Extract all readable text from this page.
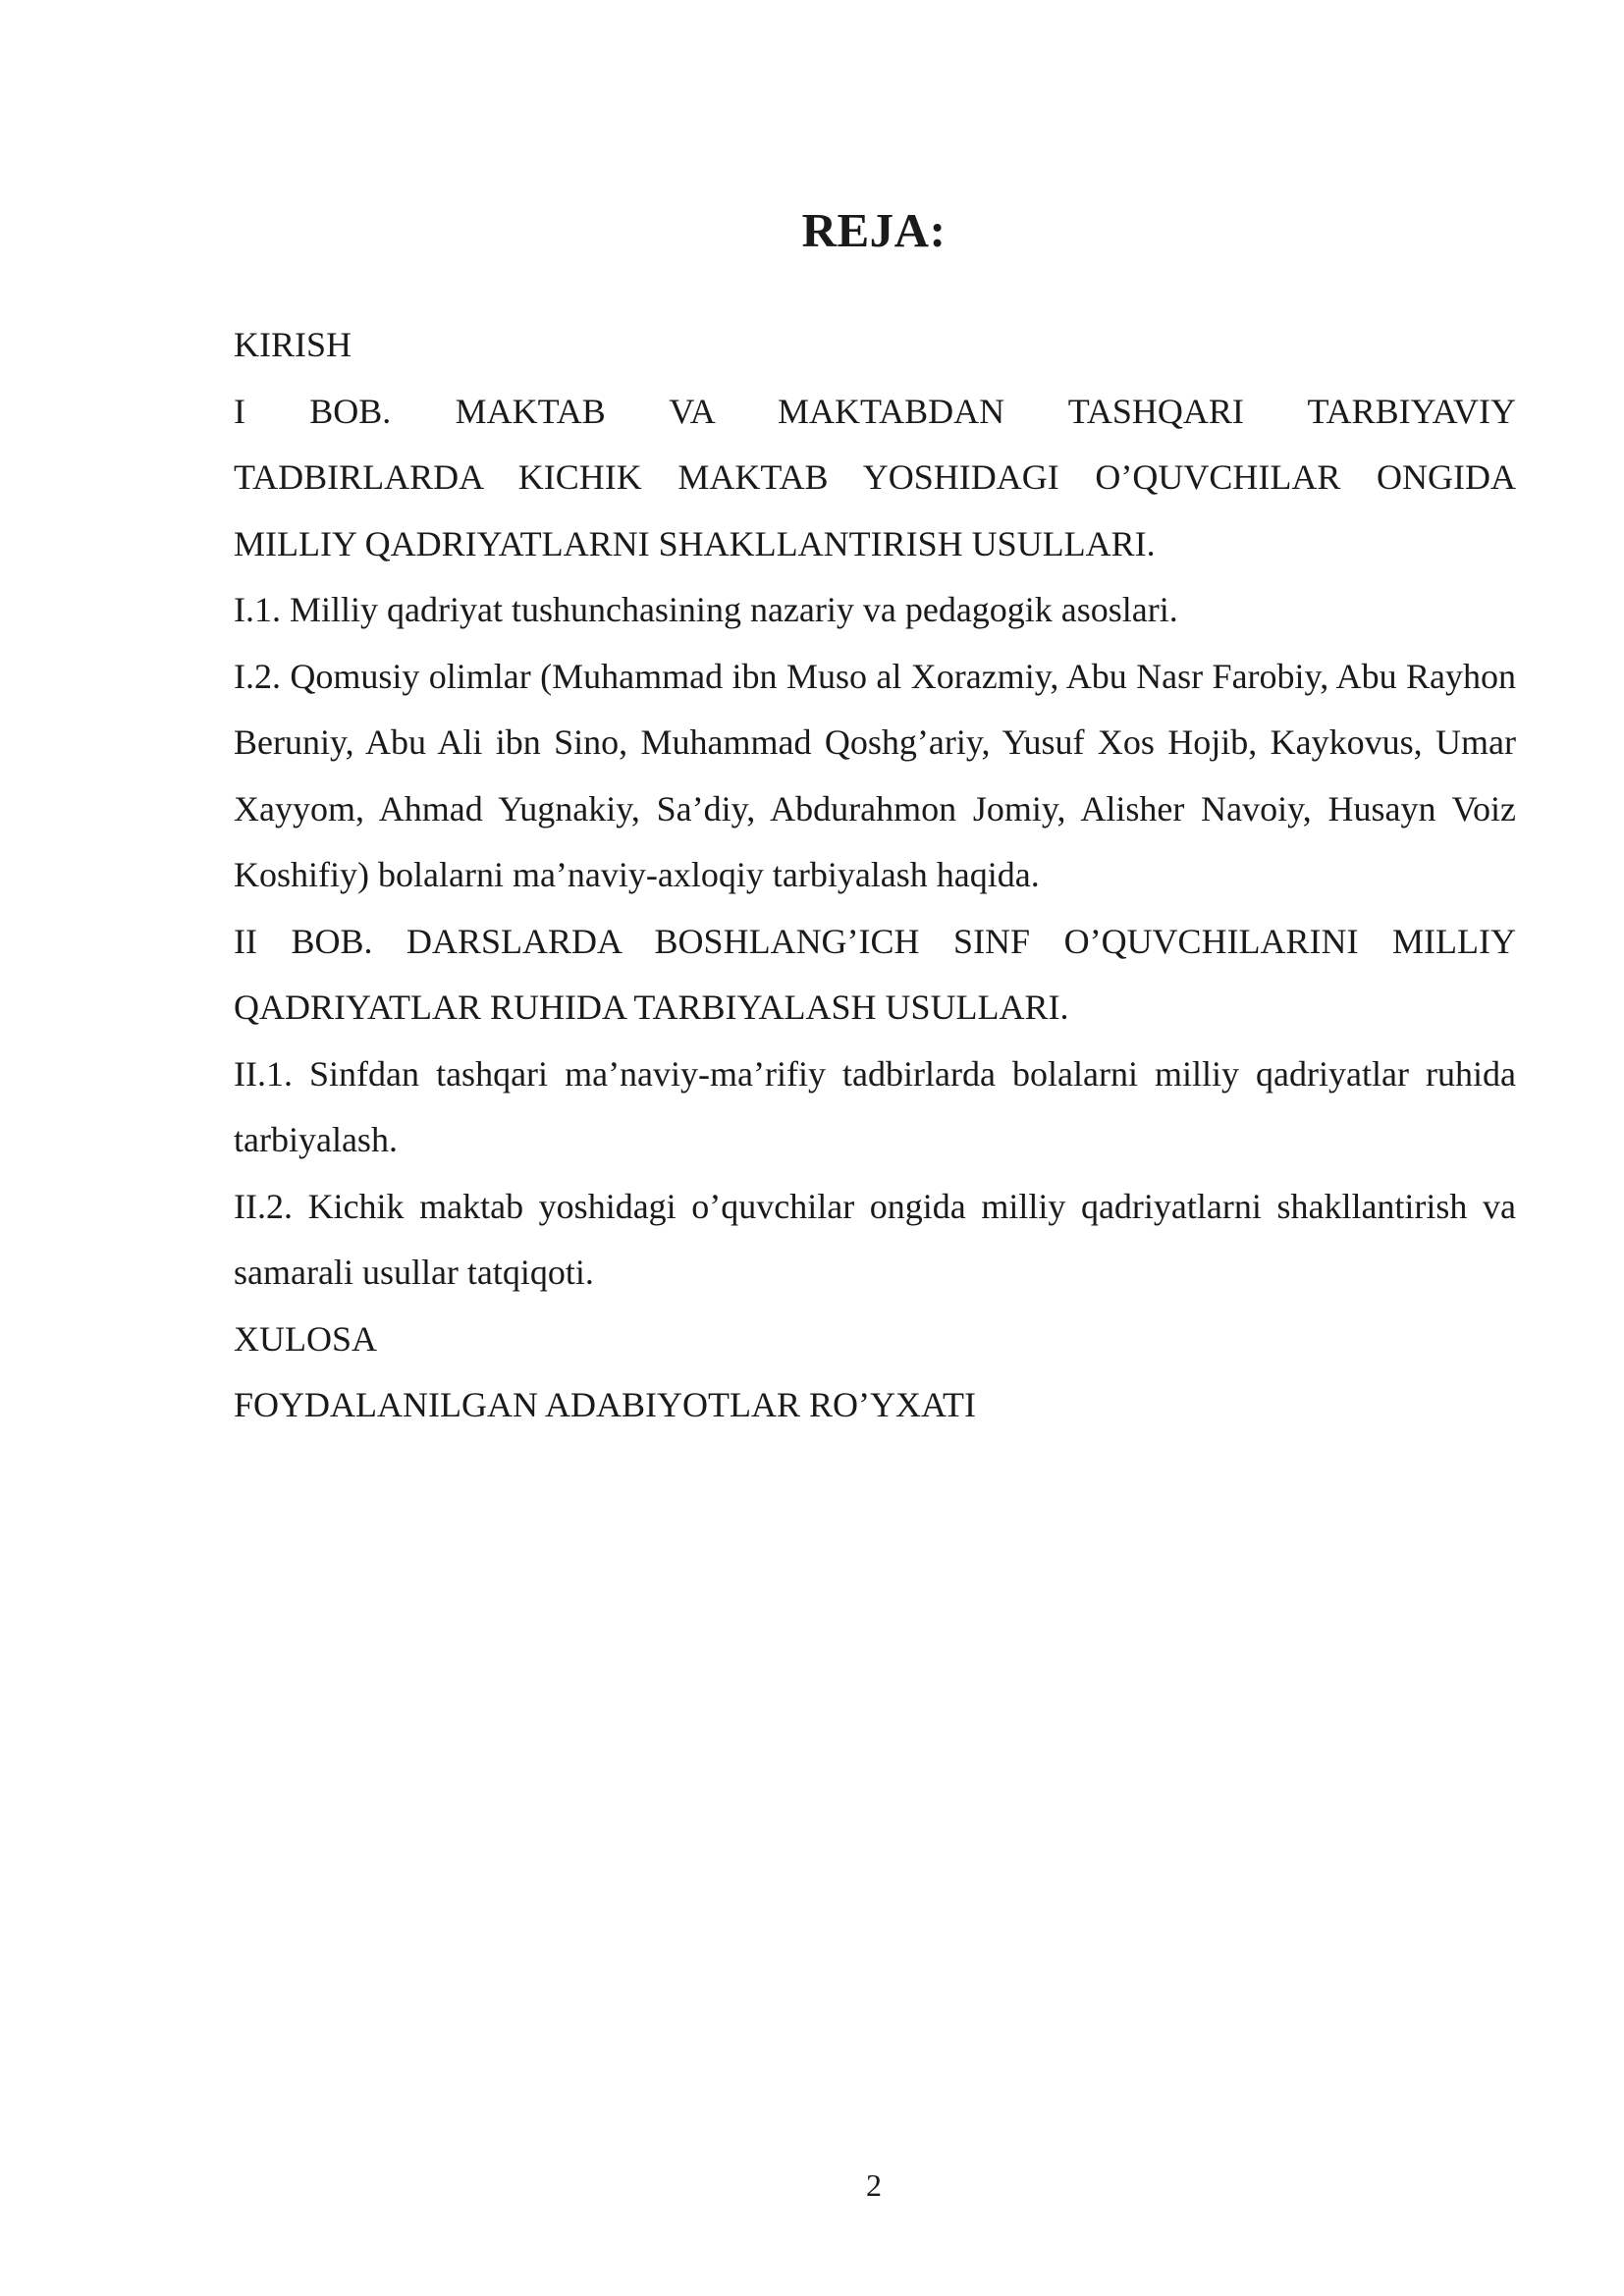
REJA:

KIRISH

I BOB. MAKTAB VA MAKTABDAN TASHQARI TARBIYAVIY

TADBIRLARDA KICHIK MAKTAB YOSHIDAGI O’QUVCHILAR ONGIDA

MILLIY QADRIYATLARNI SHAKLLANTIRISH USULLARI.

I.1. Milliy qadriyat tushunchasining nazariy va pedagogik asoslari.

I.2. Qomusiy olimlar (Muhammad ibn Muso al Xorazmiy, Abu Nasr Farobiy, Abu Rayhon Beruniy, Abu Ali ibn Sino, Muhammad Qoshg’ariy, Yusuf Xos Hojib, Kaykovus, Umar Xayyom, Ahmad Yugnakiy, Sa’diy, Abdurahmon Jomiy, Alisher Navoiy, Husayn Voiz Koshifiy) bolalarni ma’naviy-axloqiy tarbiyalash haqida.

II BOB. DARSLARDA BOSHLANG’ICH SINF O’QUVCHILARINI MILLIY QADRIYATLAR RUHIDA TARBIYALASH USULLARI.

II.1. Sinfdan tashqari ma’naviy-ma’rifiy tadbirlarda bolalarni milliy qadriyatlar ruhida tarbiyalash.

II.2. Kichik maktab yoshidagi o’quvchilar ongida milliy qadriyatlarni shakllantirish va samarali usullar tatqiqoti.

XULOSA

FOYDALANILGAN ADABIYOTLAR RO’YXATI

2
